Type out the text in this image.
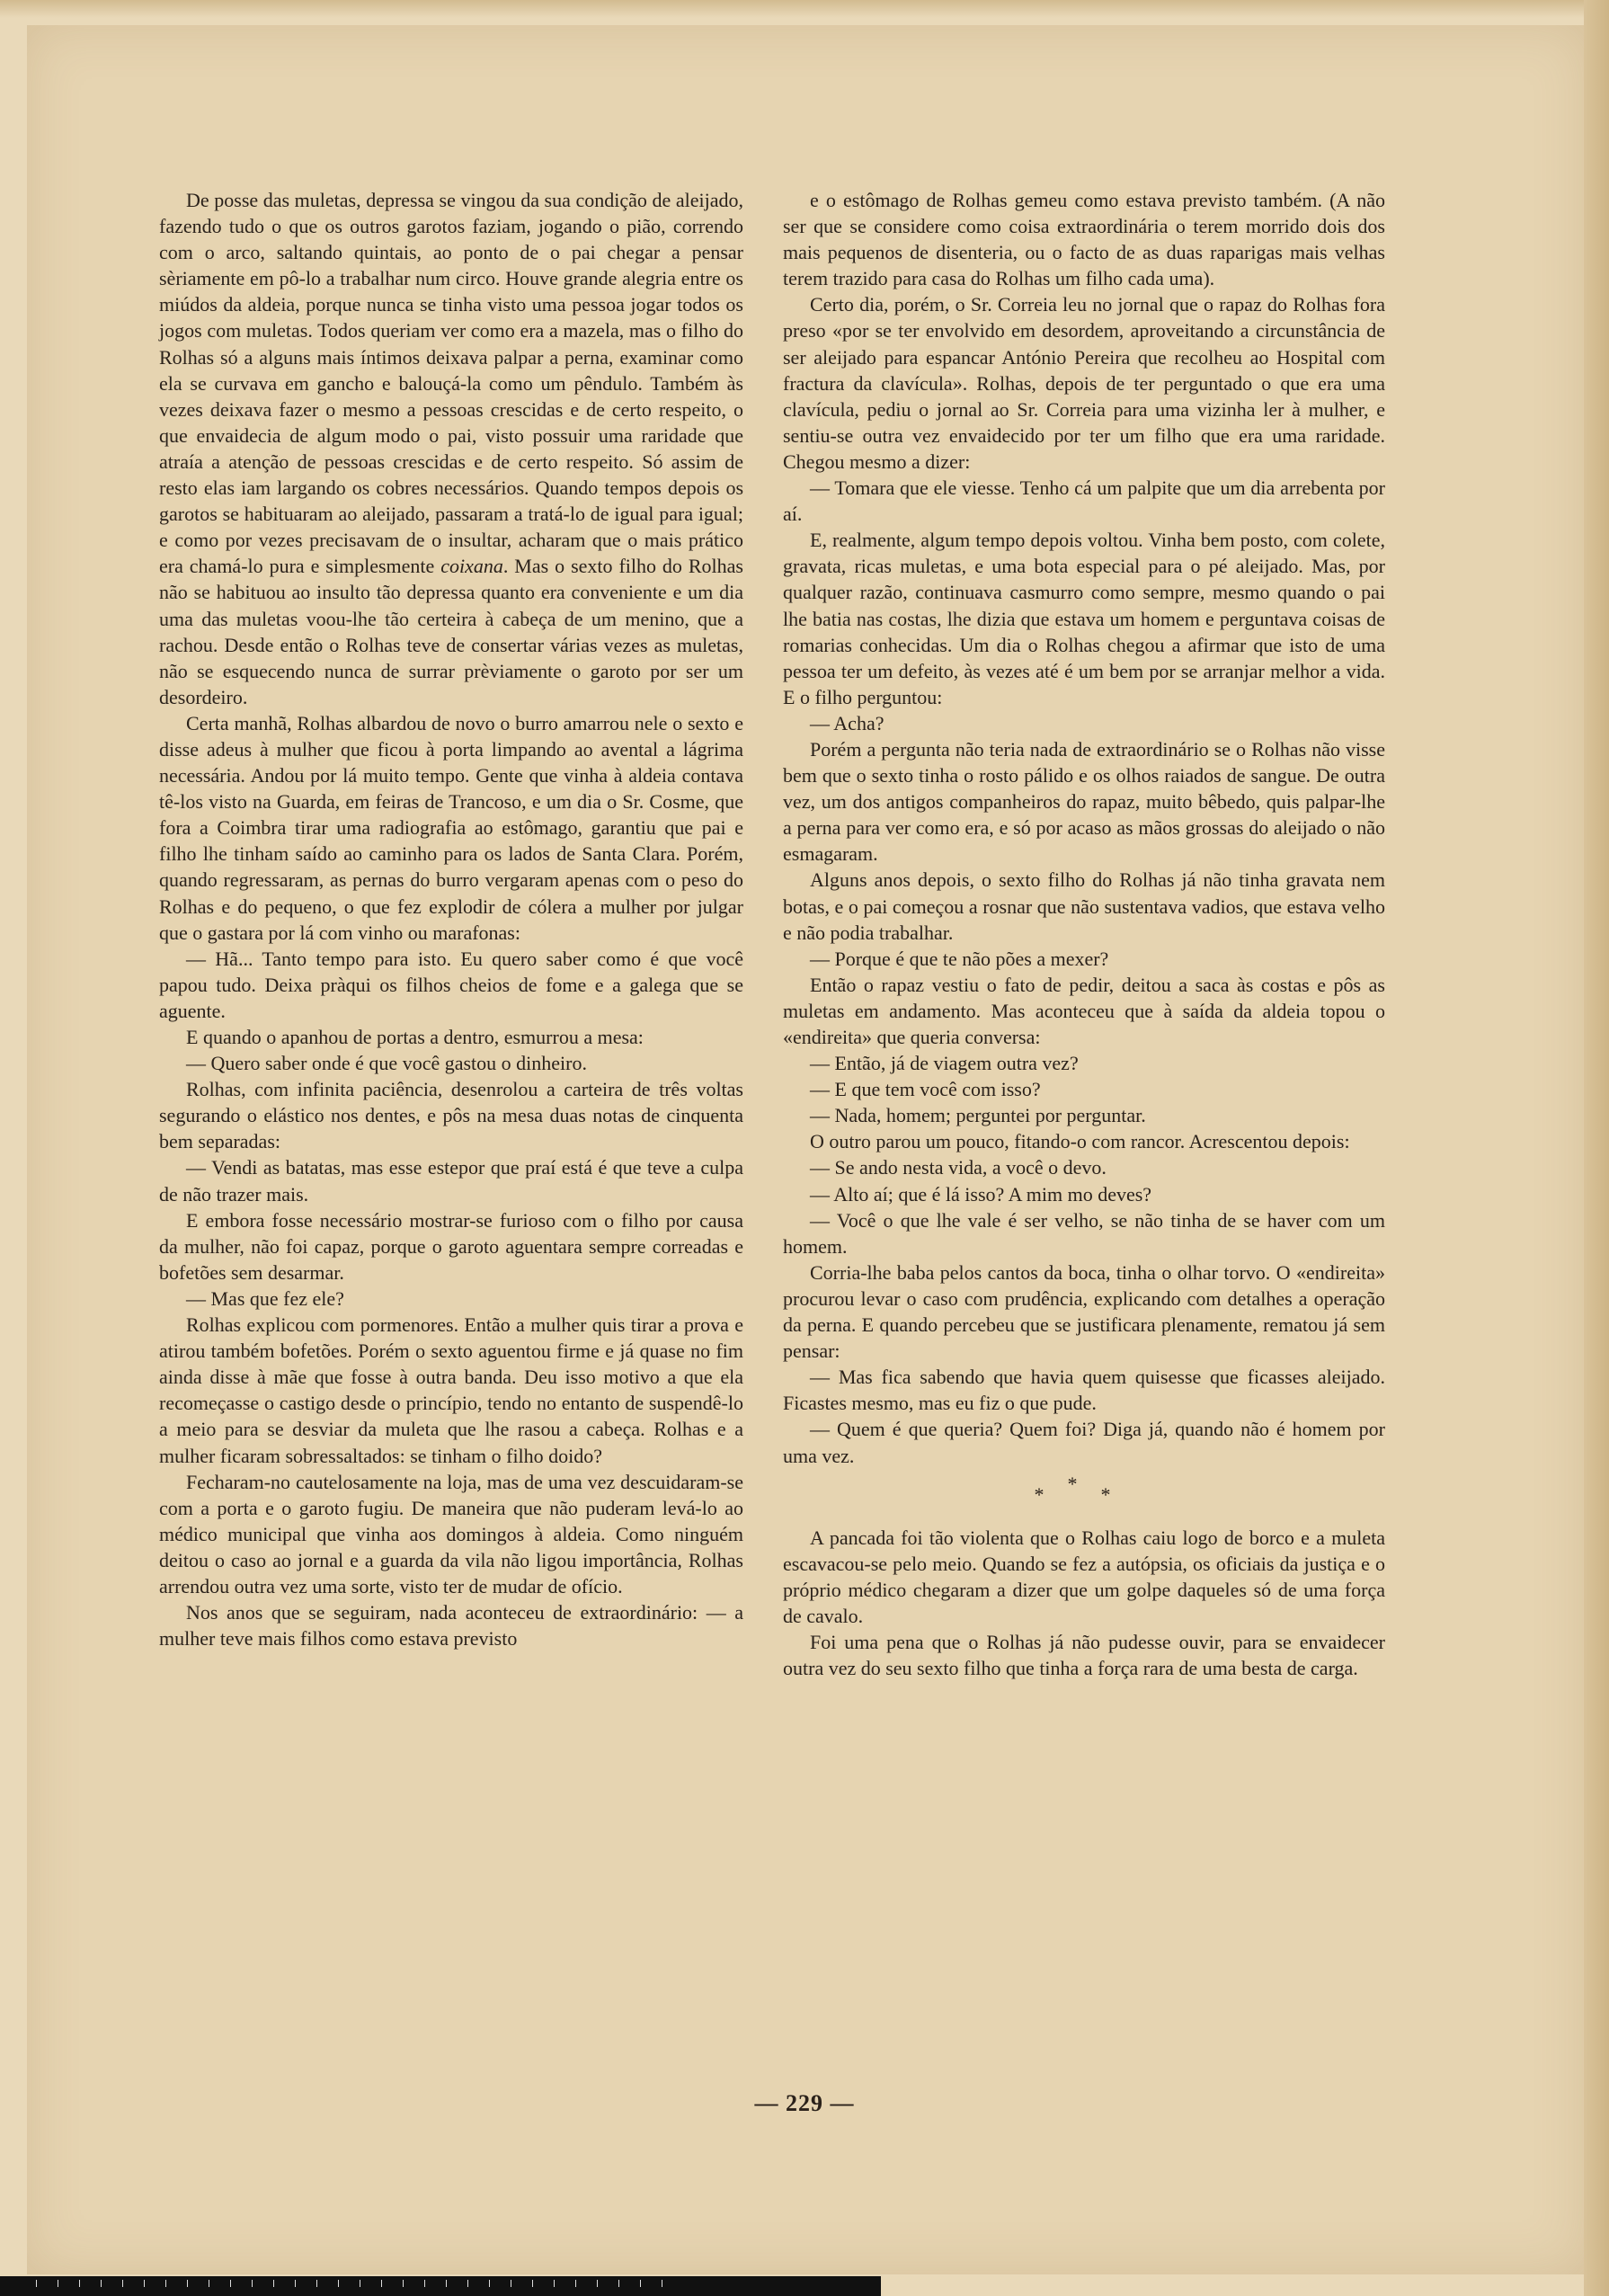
De posse das muletas, depressa se vingou da sua condição de aleijado, fazendo tudo o que os outros garotos faziam, jogando o pião, correndo com o arco, saltando quintais, ao ponto de o pai chegar a pensar sèriamente em pô-lo a trabalhar num circo. Houve grande alegria entre os miúdos da aldeia, porque nunca se tinha visto uma pessoa jogar todos os jogos com muletas. Todos queriam ver como era a mazela, mas o filho do Rolhas só a alguns mais íntimos deixava palpar a perna, examinar como ela se curvava em gancho e balouçá-la como um pêndulo. Também às vezes deixava fazer o mesmo a pessoas crescidas e de certo respeito, o que envaidecia de algum modo o pai, visto possuir uma raridade que atraía a atenção de pessoas crescidas e de certo respeito. Só assim de resto elas iam largando os cobres necessários. Quando tempos depois os garotos se habituaram ao aleijado, passaram a tratá-lo de igual para igual; e como por vezes precisavam de o insultar, acharam que o mais prático era chamá-lo pura e simplesmente coixana. Mas o sexto filho do Rolhas não se habituou ao insulto tão depressa quanto era conveniente e um dia uma das muletas voou-lhe tão certeira à cabeça de um menino, que a rachou. Desde então o Rolhas teve de consertar várias vezes as muletas, não se esquecendo nunca de surrar prèviamente o garoto por ser um desordeiro.

Certa manhã, Rolhas albardou de novo o burro amarrou nele o sexto e disse adeus à mulher que ficou à porta limpando ao avental a lágrima necessária. Andou por lá muito tempo. Gente que vinha à aldeia contava tê-los visto na Guarda, em feiras de Trancoso, e um dia o Sr. Cosme, que fora a Coimbra tirar uma radiografia ao estômago, garantiu que pai e filho lhe tinham saído ao caminho para os lados de Santa Clara. Porém, quando regressaram, as pernas do burro vergaram apenas com o peso do Rolhas e do pequeno, o que fez explodir de cólera a mulher por julgar que o gastara por lá com vinho ou marafonas:

— Hã... Tanto tempo para isto. Eu quero saber como é que você papou tudo. Deixa pràqui os filhos cheios de fome e a galega que se aguente.

E quando o apanhou de portas a dentro, esmurrou a mesa:

— Quero saber onde é que você gastou o dinheiro.

Rolhas, com infinita paciência, desenrolou a carteira de três voltas segurando o elástico nos dentes, e pôs na mesa duas notas de cinquenta bem separadas:

— Vendi as batatas, mas esse estepor que praí está é que teve a culpa de não trazer mais.

E embora fosse necessário mostrar-se furioso com o filho por causa da mulher, não foi capaz, porque o garoto aguentara sempre correadas e bofetões sem desarmar.

— Mas que fez ele?

Rolhas explicou com pormenores. Então a mulher quis tirar a prova e atirou também bofetões. Porém o sexto aguentou firme e já quase no fim ainda disse à mãe que fosse à outra banda. Deu isso motivo a que ela recomeçasse o castigo desde o princípio, tendo no entanto de suspendê-lo a meio para se desviar da muleta que lhe rasou a cabeça. Rolhas e a mulher ficaram sobressaltados: se tinham o filho doido?

Fecharam-no cautelosamente na loja, mas de uma vez descuidaram-se com a porta e o garoto fugiu. De maneira que não puderam levá-lo ao médico municipal que vinha aos domingos à aldeia. Como ninguém deitou o caso ao jornal e a guarda da vila não ligou importância, Rolhas arrendou outra vez uma sorte, visto ter de mudar de ofício.

Nos anos que se seguiram, nada aconteceu de extraordinário: — a mulher teve mais filhos como estava previsto

e o estômago de Rolhas gemeu como estava previsto também. (A não ser que se considere como coisa extraordinária o terem morrido dois dos mais pequenos de disenteria, ou o facto de as duas raparigas mais velhas terem trazido para casa do Rolhas um filho cada uma).

Certo dia, porém, o Sr. Correia leu no jornal que o rapaz do Rolhas fora preso «por se ter envolvido em desordem, aproveitando a circunstância de ser aleijado para espancar António Pereira que recolheu ao Hospital com fractura da clavícula». Rolhas, depois de ter perguntado o que era uma clavícula, pediu o jornal ao Sr. Correia para uma vizinha ler à mulher, e sentiu-se outra vez envaidecido por ter um filho que era uma raridade. Chegou mesmo a dizer:

— Tomara que ele viesse. Tenho cá um palpite que um dia arrebenta por aí.

E, realmente, algum tempo depois voltou. Vinha bem posto, com colete, gravata, ricas muletas, e uma bota especial para o pé aleijado. Mas, por qualquer razão, continuava casmurro como sempre, mesmo quando o pai lhe batia nas costas, lhe dizia que estava um homem e perguntava coisas de romarias conhecidas. Um dia o Rolhas chegou a afirmar que isto de uma pessoa ter um defeito, às vezes até é um bem por se arranjar melhor a vida. E o filho perguntou:

— Acha?

Porém a pergunta não teria nada de extraordinário se o Rolhas não visse bem que o sexto tinha o rosto pálido e os olhos raiados de sangue. De outra vez, um dos antigos companheiros do rapaz, muito bêbedo, quis palpar-lhe a perna para ver como era, e só por acaso as mãos grossas do aleijado o não esmagaram.

Alguns anos depois, o sexto filho do Rolhas já não tinha gravata nem botas, e o pai começou a rosnar que não sustentava vadios, que estava velho e não podia trabalhar.

— Porque é que te não pões a mexer?

Então o rapaz vestiu o fato de pedir, deitou a saca às costas e pôs as muletas em andamento. Mas aconteceu que à saída da aldeia topou o «endireita» que queria conversa:

— Então, já de viagem outra vez?

— E que tem você com isso?

— Nada, homem; perguntei por perguntar.

O outro parou um pouco, fitando-o com rancor. Acrescentou depois:

— Se ando nesta vida, a você o devo.

— Alto aí; que é lá isso? A mim mo deves?

— Você o que lhe vale é ser velho, se não tinha de se haver com um homem.

Corria-lhe baba pelos cantos da boca, tinha o olhar torvo. O «endireita» procurou levar o caso com prudência, explicando com detalhes a operação da perna. E quando percebeu que se justificara plenamente, rematou já sem pensar:

— Mas fica sabendo que havia quem quisesse que ficasses aleijado. Ficastes mesmo, mas eu fiz o que pude.

— Quem é que queria? Quem foi? Diga já, quando não é homem por uma vez.

***

A pancada foi tão violenta que o Rolhas caiu logo de borco e a muleta escavacou-se pelo meio. Quando se fez a autópsia, os oficiais da justiça e o próprio médico chegaram a dizer que um golpe daqueles só de uma força de cavalo.

Foi uma pena que o Rolhas já não pudesse ouvir, para se envaidecer outra vez do seu sexto filho que tinha a força rara de uma besta de carga.

— 229 —
